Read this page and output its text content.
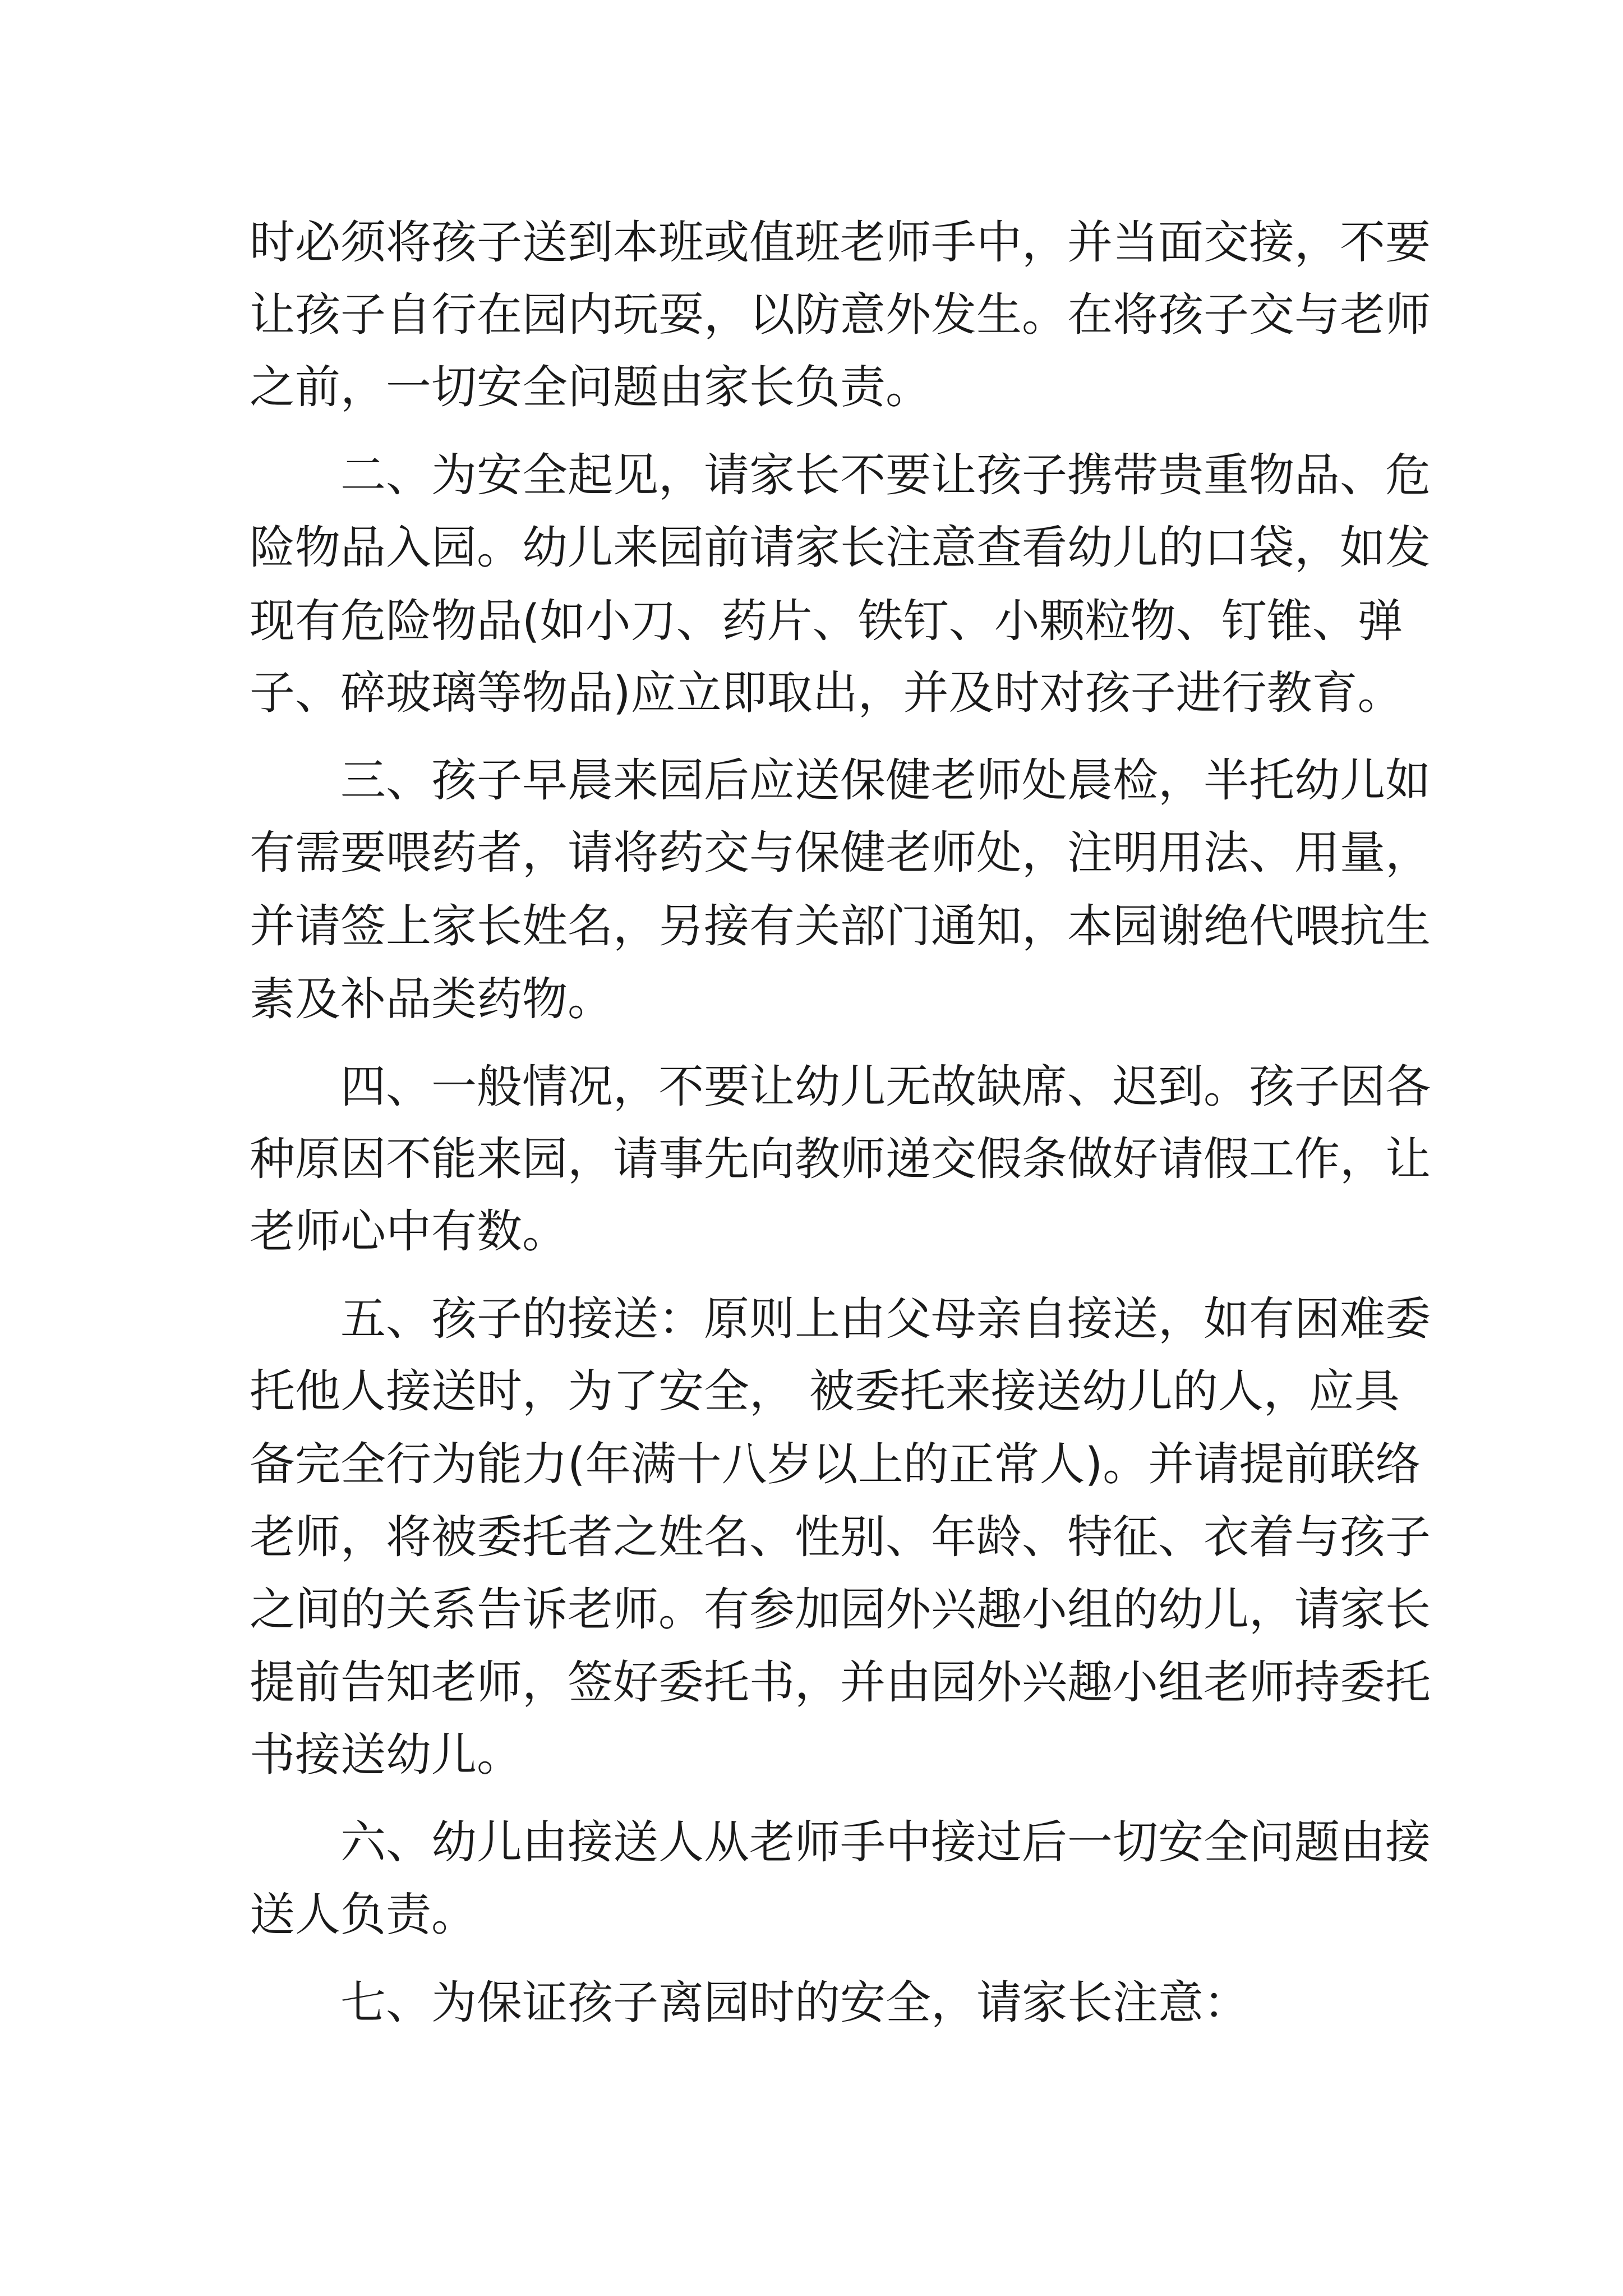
时必须将孩子送到本班或值班老师手中，并当面交接，不要
让孩子自行在园内玩耍，以防意外发生。在将孩子交与老师
之前，一切安全问题由家长负责。
二、为安全起见，请家长不要让孩子携带贵重物品、危
险物品入园。幼儿来园前请家长注意查看幼儿的口袋，如发
现有危险物品(如小刀、药片、铁钉、小颗粒物、钉锥、弹
子、碎玻璃等物品)应立即取出，并及时对孩子进行教育。
三、孩子早晨来园后应送保健老师处晨检，半托幼儿如
有需要喂药者，请将药交与保健老师处，注明用法、用量，
并请签上家长姓名，另接有关部门通知，本园谢绝代喂抗生
素及补品类药物。
四、一般情况，不要让幼儿无故缺席、迟到。孩子因各
种原因不能来园，请事先向教师递交假条做好请假工作，让
老师心中有数。
五、孩子的接送：原则上由父母亲自接送，如有困难委
托他人接送时，为了安全， 被委托来接送幼儿的人，应具
备完全行为能力(年满十八岁以上的正常人)。并请提前联络
老师，将被委托者之姓名、性别、年龄、特征、衣着与孩子
之间的关系告诉老师。有参加园外兴趣小组的幼儿，请家长
提前告知老师，签好委托书，并由园外兴趣小组老师持委托
书接送幼儿。
六、幼儿由接送人从老师手中接过后一切安全问题由接
送人负责。
七、为保证孩子离园时的安全，请家长注意：
